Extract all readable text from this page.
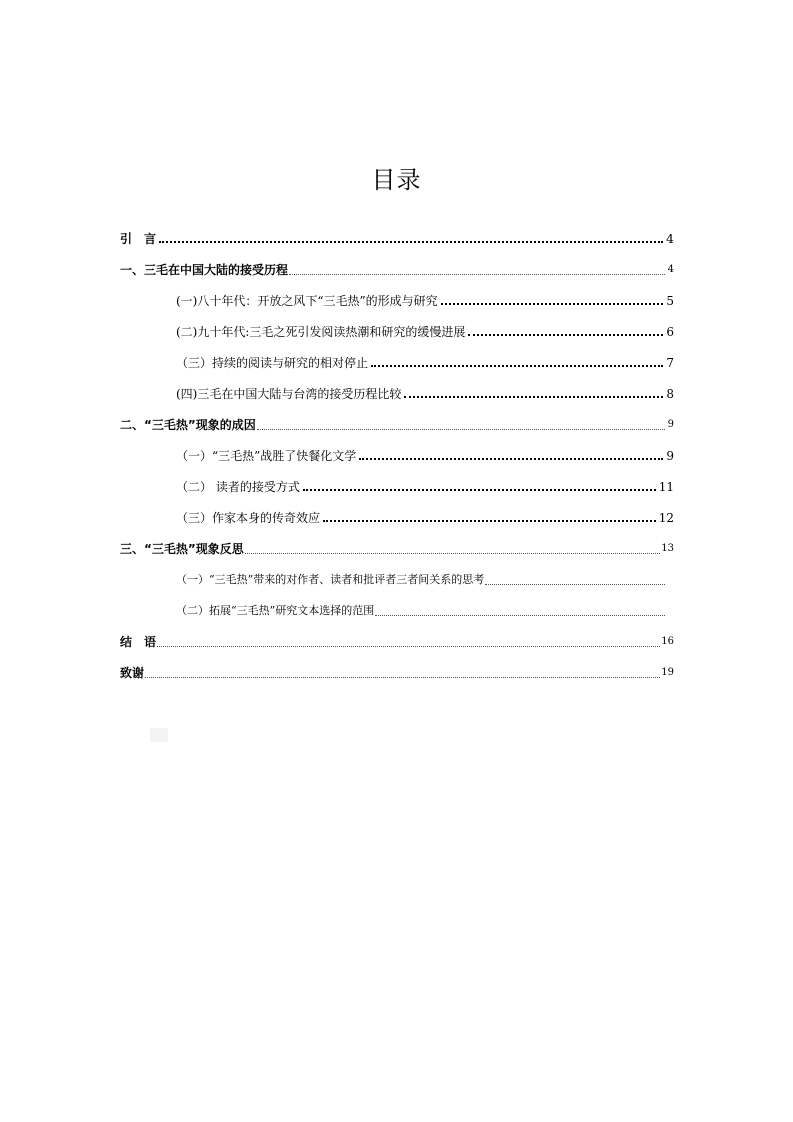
目录
引　言	4
一、三毛在中国大陆的接受历程	4
(一)八十年代：开放之风下“三毛热”的形成与研究	5
(二)九十年代:三毛之死引发阅读热潮和研究的缓慢进展	6
（三）持续的阅读与研究的相对停止	7
(四)三毛在中国大陆与台湾的接受历程比较	8
二、“三毛热”现象的成因	9
（一）“三毛热”战胜了快餐化文学	9
（二） 读者的接受方式	11
（三）作家本身的传奇效应	12
三、“三毛热”现象反思	13
（一）“三毛热”带来的对作者、读者和批评者三者间关系的思考
（二）拓展“三毛热”研究文本选择的范围
结　语	16
致谢	19
